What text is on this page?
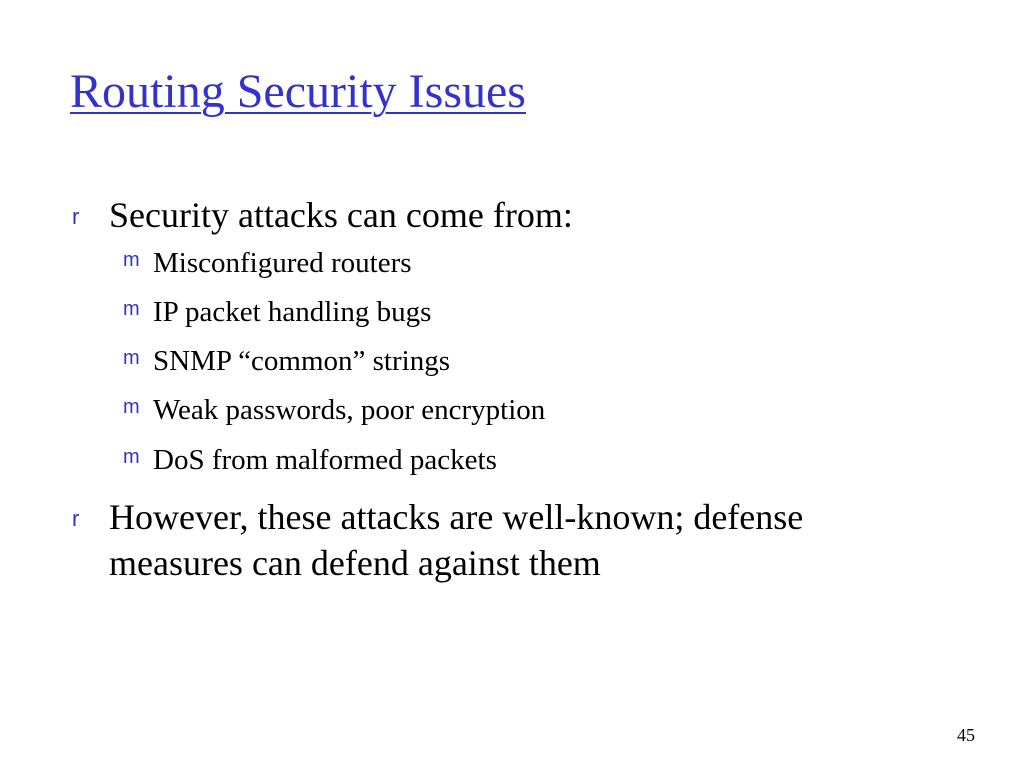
Routing Security Issues
r Security attacks can come from:
m Misconfigured routers
m IP packet handling bugs
m SNMP “common” strings
m Weak passwords, poor encryption
m DoS from malformed packets
r However, these attacks are well-known; defense measures can defend against them
45
